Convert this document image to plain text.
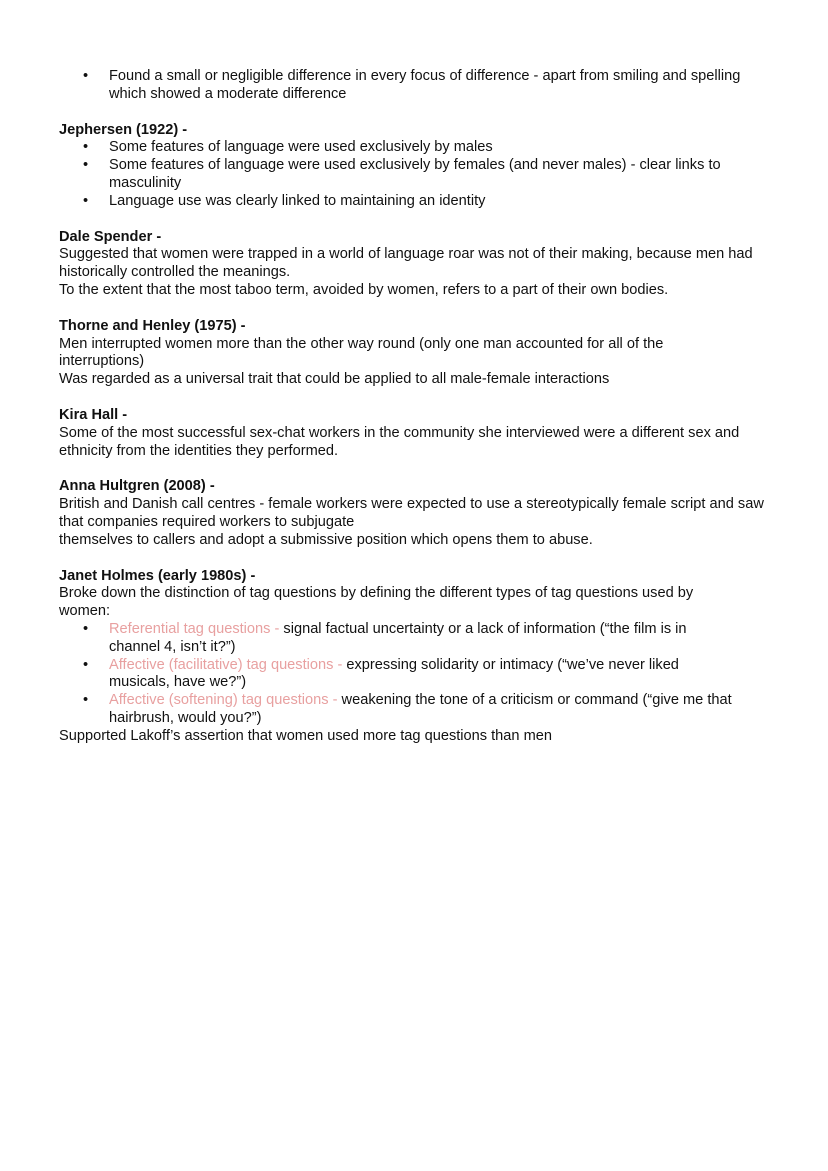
• Found a small or negligible difference in every focus of difference - apart from smiling and spelling which showed a moderate difference

Jephersen (1922) -

• Some features of language were used exclusively by males
• Some features of language were used exclusively by females (and never males) - clear links to masculinity
• Language use was clearly linked to maintaining an identity

Dale Spender -

Suggested that women were trapped in a world of language roar was not of their making, because men had historically controlled the meanings.

To the extent that the most taboo term, avoided by women, refers to a part of their own bodies.

Thorne and Henley (1975) -

Men interrupted women more than the other way round (only one man accounted for all of the interruptions)

Was regarded as a universal trait that could be applied to all male-female interactions

Kira Hall -

Some of the most successful sex-chat workers in the community she interviewed were a different sex and ethnicity from the identities they performed.

Anna Hultgren (2008) -

British and Danish call centres - female workers were expected to use a stereotypically female script and saw that companies required workers to subjugate

themselves to callers and adopt a submissive position which opens them to abuse.

Janet Holmes (early 1980s) -

Broke down the distinction of tag questions by defining the different types of tag questions used by women:

• Referential tag questions - signal factual uncertainty or a lack of information (“the film is in channel 4, isn’t it?”)
• Affective (facilitative) tag questions - expressing solidarity or intimacy (“we’ve never liked musicals, have we?”)
• Affective (softening) tag questions - weakening the tone of a criticism or command (“give me that hairbrush, would you?”)

Supported Lakoff’s assertion that women used more tag questions than men
